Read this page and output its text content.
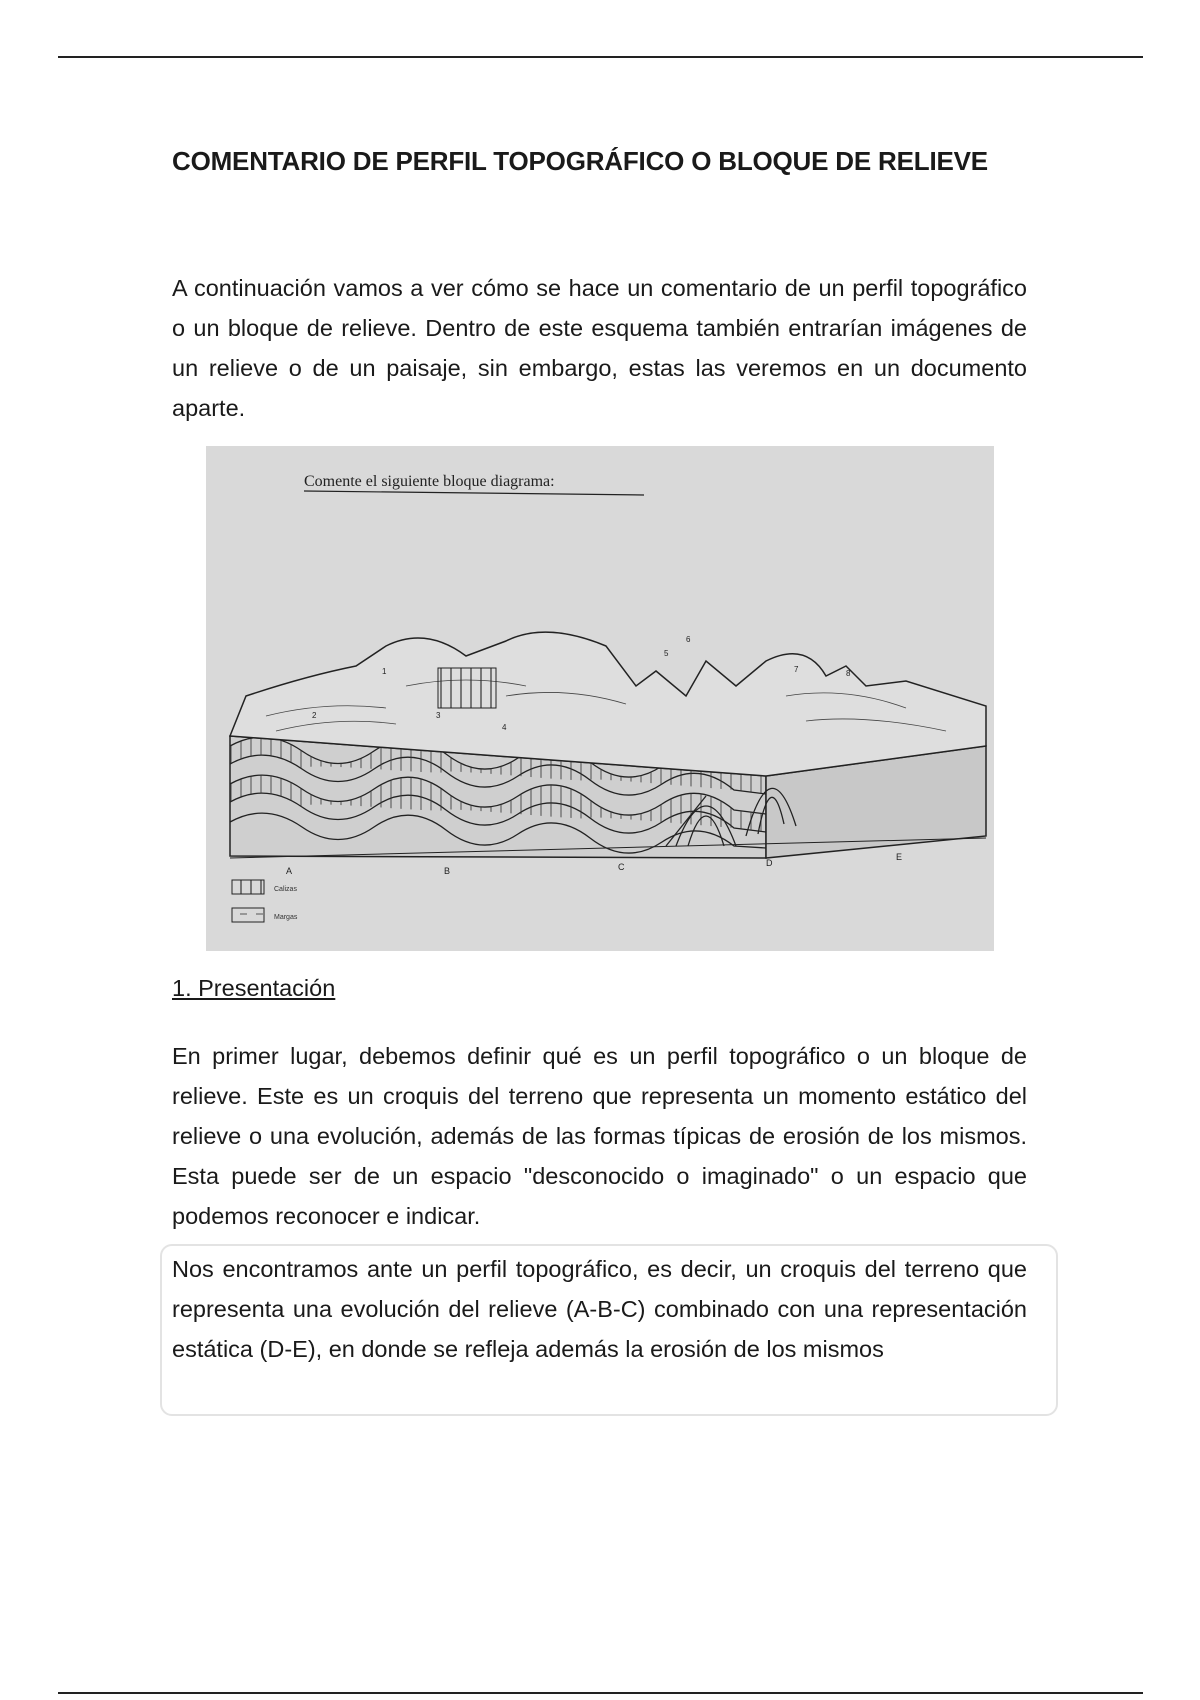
COMENTARIO DE PERFIL TOPOGRÁFICO O BLOQUE DE RELIEVE

A continuación vamos a ver cómo se hace un comentario de un perfil topográfico o un bloque de relieve. Dentro de este esquema también entrarían imágenes de un relieve o de un paisaje, sin embargo, estas las veremos en un documento aparte.

Comente el siguiente bloque diagrama:
A	B	C	D
E
1
2	3
4
5
6
7	8
Calizas
Margas
1. Presentación

En primer lugar, debemos definir qué es un perfil topográfico o un bloque de relieve. Este es un croquis del terreno que representa un momento estático del relieve o una evolución, además de las formas típicas de erosión de los mismos. Esta puede ser de un espacio "desconocido o imaginado" o un espacio que podemos reconocer e indicar.

Nos encontramos ante un perfil topográfico, es decir, un croquis del terreno que representa una evolución del relieve (A-B-C) combinado con una representación estática (D-E), en donde se refleja además la erosión de los mismos
